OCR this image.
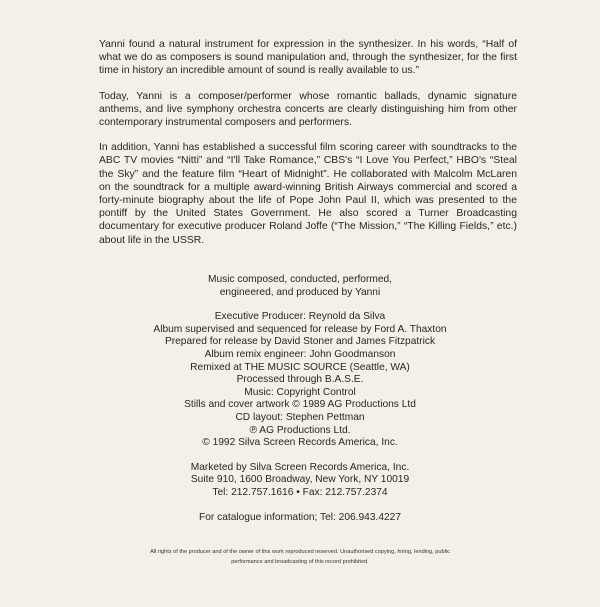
Yanni found a natural instrument for expression in the synthesizer. In his words, “Half of what we do as composers is sound manipulation and, through the synthesizer, for the first time in history an incredible amount of sound is really available to us.”

Today, Yanni is a composer/performer whose romantic ballads, dynamic signature anthems, and live symphony orchestra concerts are clearly distinguishing him from other contemporary instrumental composers and performers.

In addition, Yanni has established a successful film scoring career with soundtracks to the ABC TV movies “Nitti” and “I'll Take Romance,” CBS's “I Love You Perfect,” HBO's “Steal the Sky” and the feature film “Heart of Midnight”. He collaborated with Malcolm McLaren on the soundtrack for a multiple award-winning British Airways commercial and scored a forty-minute biography about the life of Pope John Paul II, which was presented to the pontiff by the United States Government. He also scored a Turner Broadcasting documentary for executive producer Roland Joffe (“The Mission,” “The Killing Fields,” etc.) about life in the USSR.

Music composed, conducted, performed,
engineered, and produced by Yanni
Executive Producer: Reynold da Silva
Album supervised and sequenced for release by Ford A. Thaxton
Prepared for release by David Stoner and James Fitzpatrick
Album remix engineer: John Goodmanson
Remixed at THE MUSIC SOURCE (Seattle, WA)
Processed through B.A.S.E.
Music: Copyright Control
Stills and cover artwork © 1989 AG Productions Ltd
CD layout: Stephen Pettman
℗ AG Productions Ltd.
© 1992 Silva Screen Records America, Inc.
Marketed by Silva Screen Records America, Inc.
Suite 910, 1600 Broadway, New York, NY 10019
Tel: 212.757.1616 • Fax: 212.757.2374
For catalogue information; Tel: 206.943.4227
All rights of the producer and of the owner of this work reproduced reserved. Unauthorised copying, hiring, lending, public
performance and broadcasting of this record prohibited.
